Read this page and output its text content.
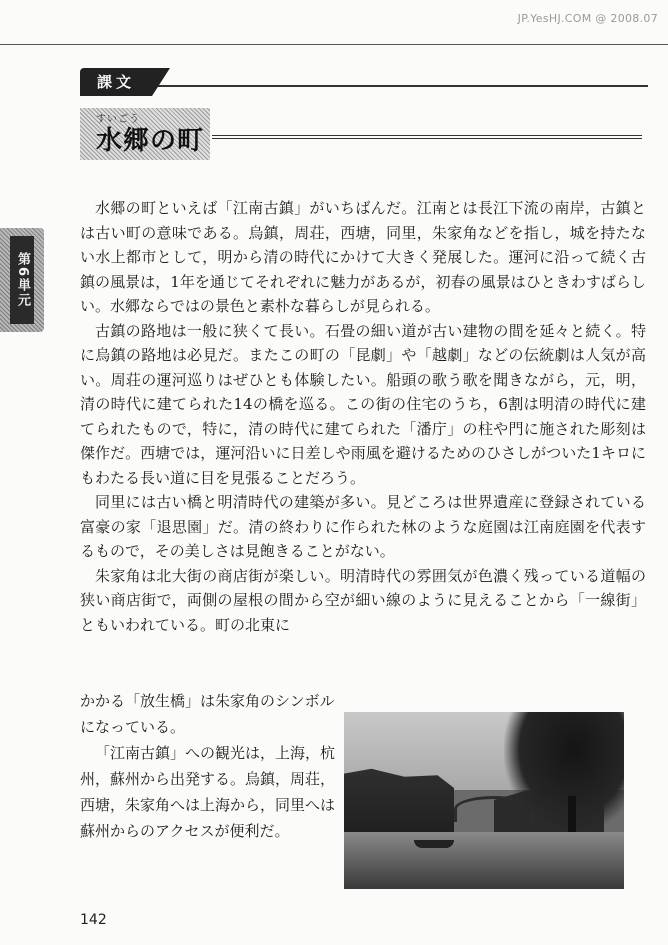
JP.YesHJ.COM @ 2008.07
第6単元
課文
すいごう
水郷の町

水郷の町といえば「江南古鎮」がいちばんだ。江南とは長江下流の南岸，古鎮とは古い町の意味である。烏鎮，周荘，西塘，同里，朱家角などを指し，城を持たない水上都市として，明から清の時代にかけて大きく発展した。運河に沿って続く古鎮の風景は，1年を通じてそれぞれに魅力があるが，初春の風景はひときわすばらしい。水郷ならではの景色と素朴な暮らしが見られる。

古鎮の路地は一般に狭くて長い。石畳の細い道が古い建物の間を延々と続く。特に烏鎮の路地は必見だ。またこの町の「昆劇」や「越劇」などの伝統劇は人気が高い。周荘の運河巡りはぜひとも体験したい。船頭の歌う歌を聞きながら，元，明，清の時代に建てられた14の橋を巡る。この街の住宅のうち，6割は明清の時代に建てられたもので，特に，清の時代に建てられた「潘庁」の柱や門に施された彫刻は傑作だ。西塘では，運河沿いに日差しや雨風を避けるためのひさしがついた1キロにもわたる長い道に目を見張ることだろう。

同里には古い橋と明清時代の建築が多い。見どころは世界遺産に登録されている富豪の家「退思園」だ。清の終わりに作られた林のような庭園は江南庭園を代表するもので，その美しさは見飽きることがない。

朱家角は北大街の商店街が楽しい。明清時代の雰囲気が色濃く残っている道幅の狭い商店街で，両側の屋根の間から空が細い線のように見えることから「一線街」ともいわれている。町の北東に

かかる「放生橋」は朱家角のシンボルになっている。

「江南古鎮」への観光は，上海，杭州，蘇州から出発する。烏鎮，周荘，西塘，朱家角へは上海から，同里へは蘇州からのアクセスが便利だ。

142
